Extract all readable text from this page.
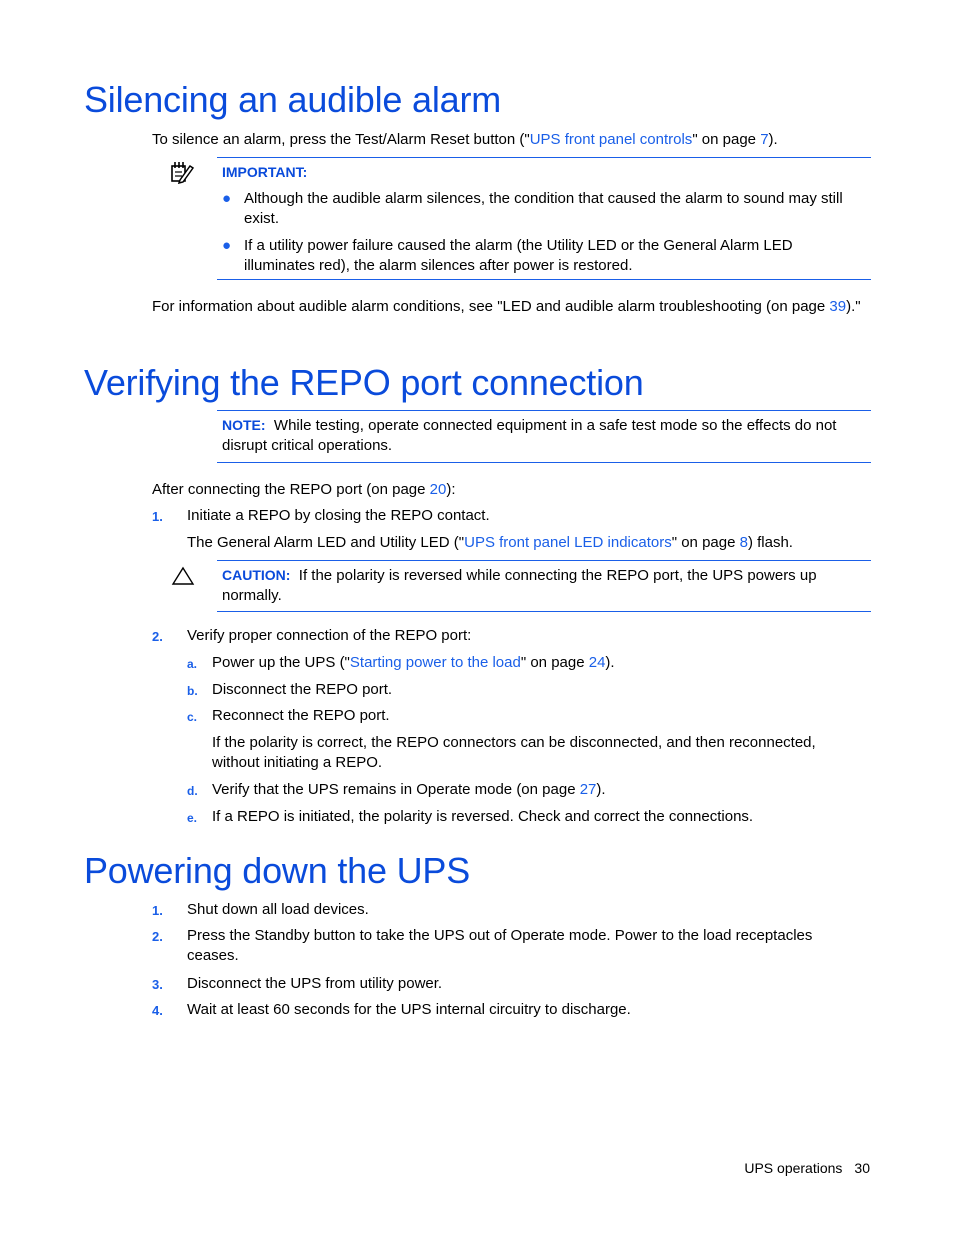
Silencing an audible alarm

To silence an alarm, press the Test/Alarm Reset button ("UPS front panel controls" on page 7).

IMPORTANT:
● Although the audible alarm silences, the condition that caused the alarm to sound may still exist.
● If a utility power failure caused the alarm (the Utility LED or the General Alarm LED illuminates red), the alarm silences after power is restored.

For information about audible alarm conditions, see "LED and audible alarm troubleshooting (on page 39)."

Verifying the REPO port connection

NOTE: While testing, operate connected equipment in a safe test mode so the effects do not disrupt critical operations.

After connecting the REPO port (on page 20):

1. Initiate a REPO by closing the REPO contact.

The General Alarm LED and Utility LED ("UPS front panel LED indicators" on page 8) flash.

CAUTION: If the polarity is reversed while connecting the REPO port, the UPS powers up normally.

2. Verify proper connection of the REPO port:
a. Power up the UPS ("Starting power to the load" on page 24).

b. Disconnect the REPO port.
c. Reconnect the REPO port.

If the polarity is correct, the REPO connectors can be disconnected, and then reconnected, without initiating a REPO.

d. Verify that the UPS remains in Operate mode (on page 27).

e. If a REPO is initiated, the polarity is reversed. Check and correct the connections.
Powering down the UPS
1. Shut down all load devices.
2. Press the Standby button to take the UPS out of Operate mode. Power to the load receptacles ceases.
3. Disconnect the UPS from utility power.
4. Wait at least 60 seconds for the UPS internal circuitry to discharge.
UPS operations 30
